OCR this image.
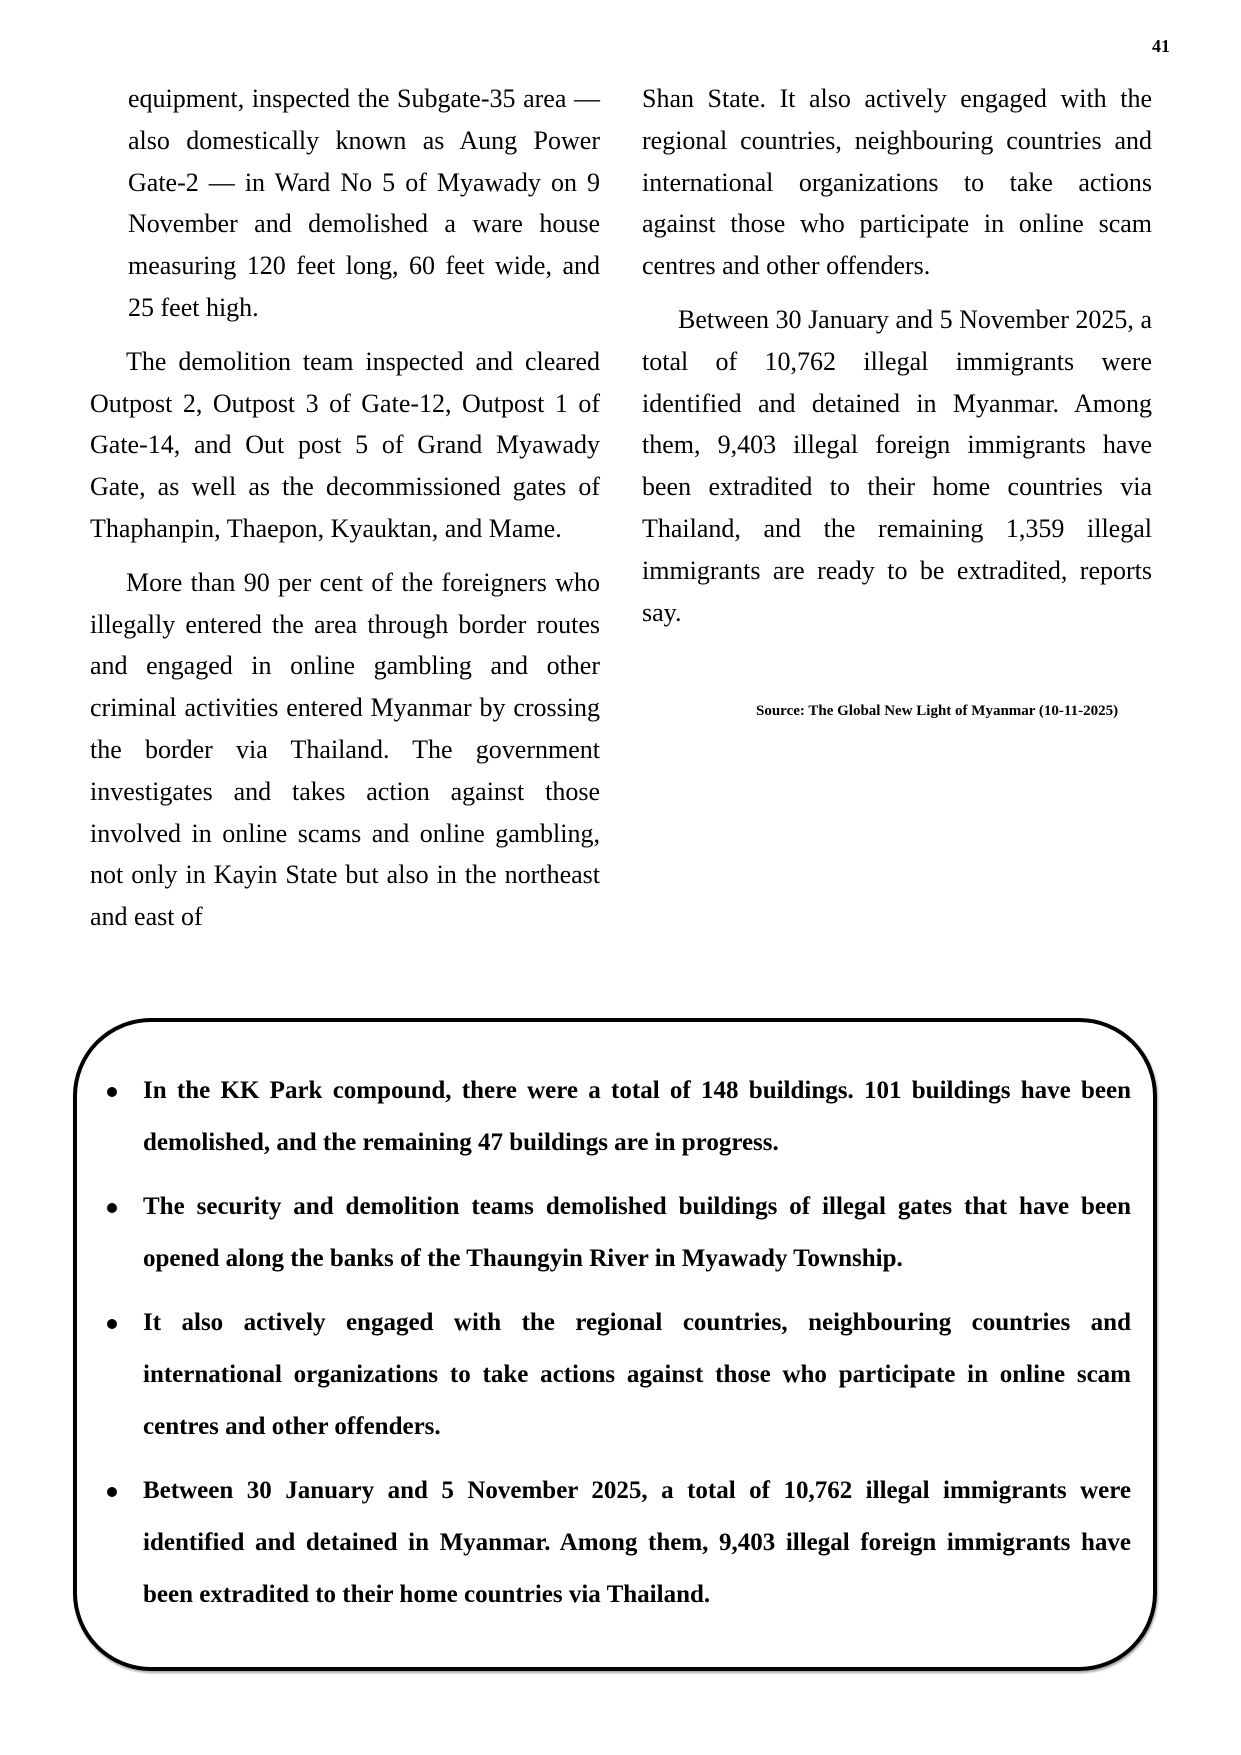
41

equipment, inspected the Subgate-35 area — also domestically known as Aung Power Gate-2 — in Ward No 5 of Myawady on 9 November and demolished a ware house measuring 120 feet long, 60 feet wide, and 25 feet high.

The demolition team inspected and cleared Outpost 2, Outpost 3 of Gate-12, Outpost 1 of Gate-14, and Out post 5 of Grand Myawady Gate, as well as the decommissioned gates of Thaphanpin, Thaepon, Kyauktan, and Mame.

More than 90 per cent of the foreigners who illegally entered the area through border routes and engaged in online gambling and other criminal activities entered Myanmar by crossing the border via Thailand. The government investigates and takes action against those involved in online scams and online gambling, not only in Kayin State but also in the northeast and east of

Shan State. It also actively engaged with the regional countries, neighbouring countries and international organizations to take actions against those who participate in online scam centres and other offenders.

Between 30 January and 5 November 2025, a total of 10,762 illegal immigrants were identified and detained in Myanmar. Among them, 9,403 illegal foreign immigrants have been extradited to their home countries via Thailand, and the remaining 1,359 illegal immigrants are ready to be extradited, reports say.

Source: The Global New Light of Myanmar (10-11-2025)
In the KK Park compound, there were a total of 148 buildings. 101 buildings have been demolished, and the remaining 47 buildings are in progress.
The security and demolition teams demolished buildings of illegal gates that have been opened along the banks of the Thaungyin River in Myawady Township.
It also actively engaged with the regional countries, neighbouring countries and international organizations to take actions against those who participate in online scam centres and other offenders.
Between 30 January and 5 November 2025, a total of 10,762 illegal immigrants were identified and detained in Myanmar. Among them, 9,403 illegal foreign immigrants have been extradited to their home countries via Thailand.
